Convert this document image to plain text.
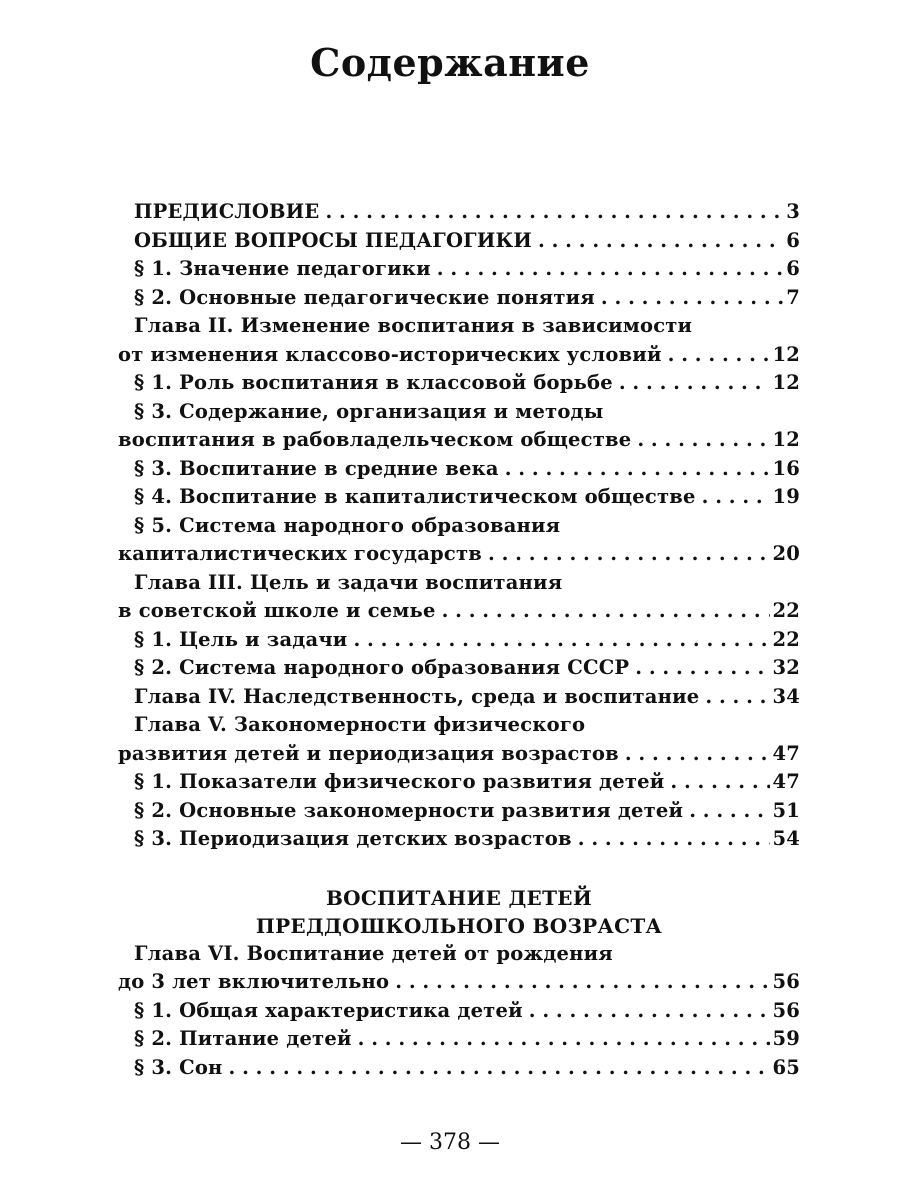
Содержание
ПРЕДИСЛОВИЕ . . .	3
ОБЩИЕ ВОПРОСЫ ПЕДАГОГИКИ . . .	6
§ 1. Значение педагогики . . .	6
§ 2. Основные педагогические понятия . . .	7
Глава II. Изменение воспитания в зависимости
от изменения классово-исторических условий . . .	12
§ 1. Роль воспитания в классовой борьбе . . .	12
§ 3. Содержание, организация и методы
воспитания в рабовладельческом обществе . . .	12
§ 3. Воспитание в средние века . . .	16
§ 4. Воспитание в капиталистическом обществе . . .	19
§ 5. Система народного образования
капиталистических государств . . .	20
Глава III. Цель и задачи воспитания
в советской школе и семье . . .	22
§ 1. Цель и задачи . . .	22
§ 2. Система народного образования СССР . . .	32
Глава IV. Наследственность, среда и воспитание . . .	34
Глава V. Закономерности физического
развития детей и периодизация возрастов . . .	47
§ 1. Показатели физического развития детей . . .	47
§ 2. Основные закономерности развития детей . . .	51
§ 3. Периодизация детских возрастов . . .	54
ВОСПИТАНИЕ ДЕТЕЙ
ПРЕДДОШКОЛЬНОГО ВОЗРАСТА
Глава VI. Воспитание детей от рождения
до 3 лет включительно . . .	56
§ 1. Общая характеристика детей . . .	56
§ 2. Питание детей . . .	59
§ 3. Сон . . .	65
— 378 —
